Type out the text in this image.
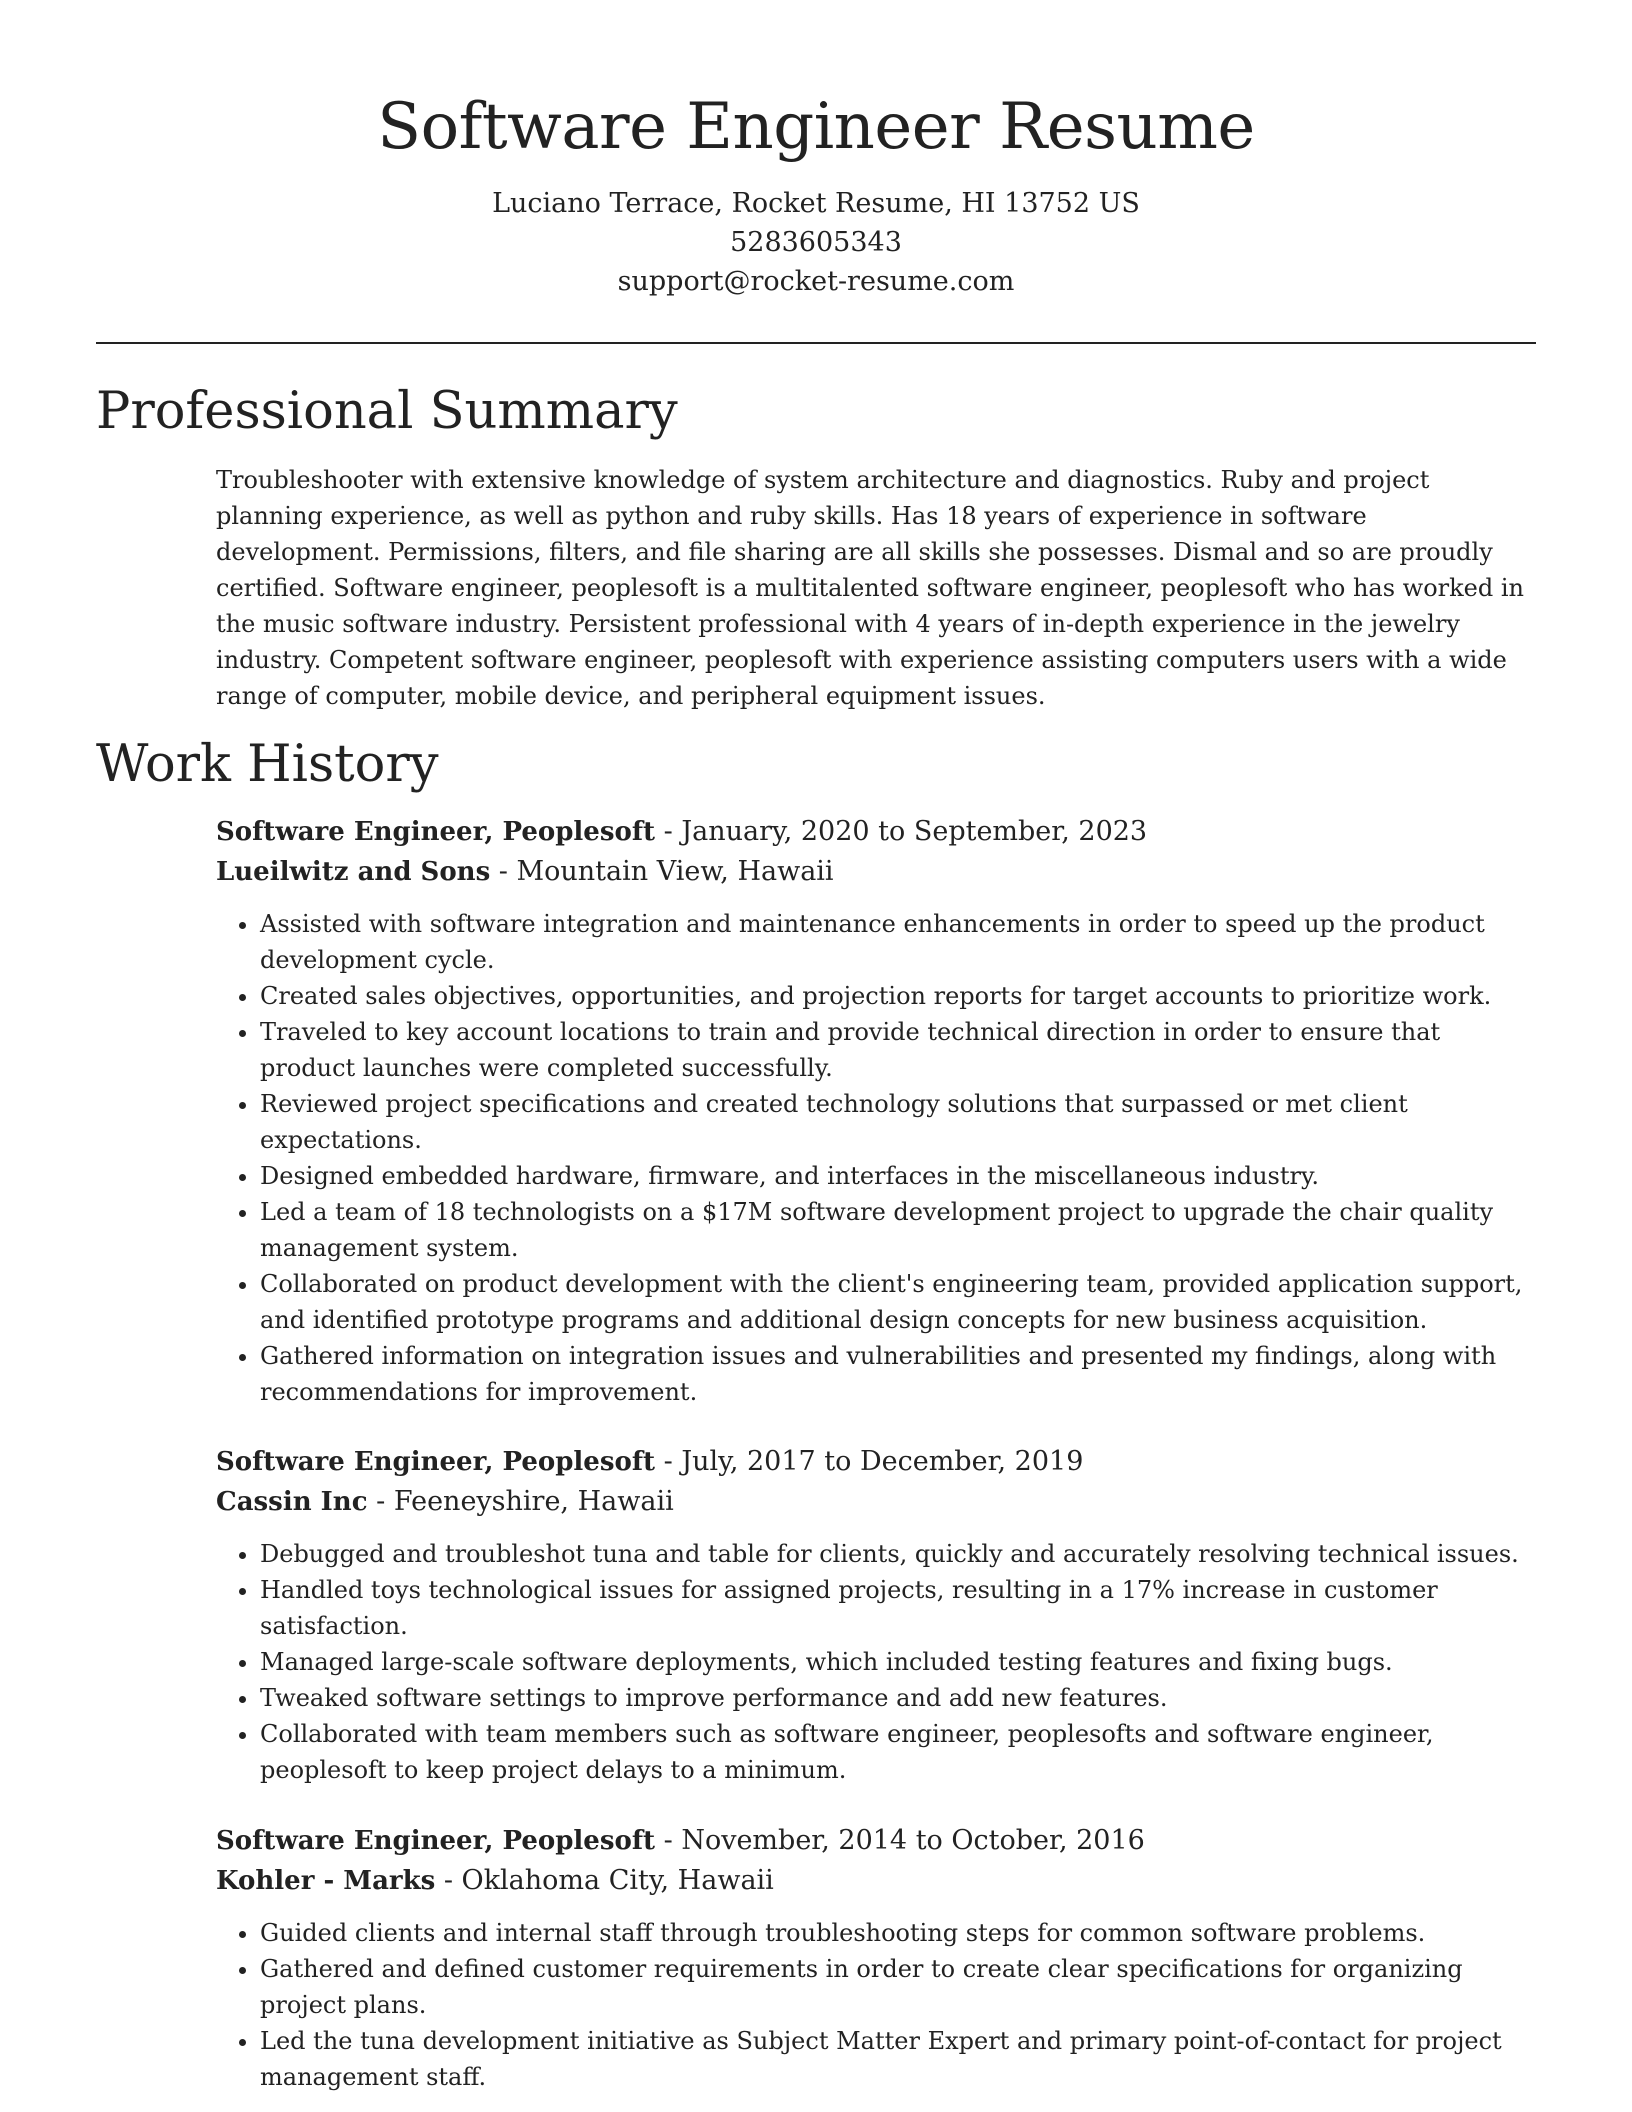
Software Engineer Resume

Luciano Terrace, Rocket Resume, HI 13752 US

5283605343

support@rocket-resume.com

Professional Summary

Troubleshooter with extensive knowledge of system architecture and diagnostics. Ruby and project planning experience, as well as python and ruby skills. Has 18 years of experience in software development. Permissions, filters, and file sharing are all skills she possesses. Dismal and so are proudly certified. Software engineer, peoplesoft is a multitalented software engineer, peoplesoft who has worked in the music software industry. Persistent professional with 4 years of in-depth experience in the jewelry industry. Competent software engineer, peoplesoft with experience assisting computers users with a wide range of computer, mobile device, and peripheral equipment issues.

Work History

Software Engineer, Peoplesoft - January, 2020 to September, 2023

Lueilwitz and Sons - Mountain View, Hawaii

• Assisted with software integration and maintenance enhancements in order to speed up the product development cycle.
• Created sales objectives, opportunities, and projection reports for target accounts to prioritize work.
• Traveled to key account locations to train and provide technical direction in order to ensure that product launches were completed successfully.
• Reviewed project specifications and created technology solutions that surpassed or met client expectations.
• Designed embedded hardware, firmware, and interfaces in the miscellaneous industry.
• Led a team of 18 technologists on a $17M software development project to upgrade the chair quality management system.
• Collaborated on product development with the client's engineering team, provided application support, and identified prototype programs and additional design concepts for new business acquisition.
• Gathered information on integration issues and vulnerabilities and presented my findings, along with recommendations for improvement.

Software Engineer, Peoplesoft - July, 2017 to December, 2019

Cassin Inc - Feeneyshire, Hawaii

• Debugged and troubleshot tuna and table for clients, quickly and accurately resolving technical issues.
• Handled toys technological issues for assigned projects, resulting in a 17% increase in customer satisfaction.
• Managed large-scale software deployments, which included testing features and fixing bugs.
• Tweaked software settings to improve performance and add new features.
• Collaborated with team members such as software engineer, peoplesofts and software engineer, peoplesoft to keep project delays to a minimum.

Software Engineer, Peoplesoft - November, 2014 to October, 2016

Kohler - Marks - Oklahoma City, Hawaii

• Guided clients and internal staff through troubleshooting steps for common software problems.
• Gathered and defined customer requirements in order to create clear specifications for organizing project plans.
• Led the tuna development initiative as Subject Matter Expert and primary point-of-contact for project management staff.
